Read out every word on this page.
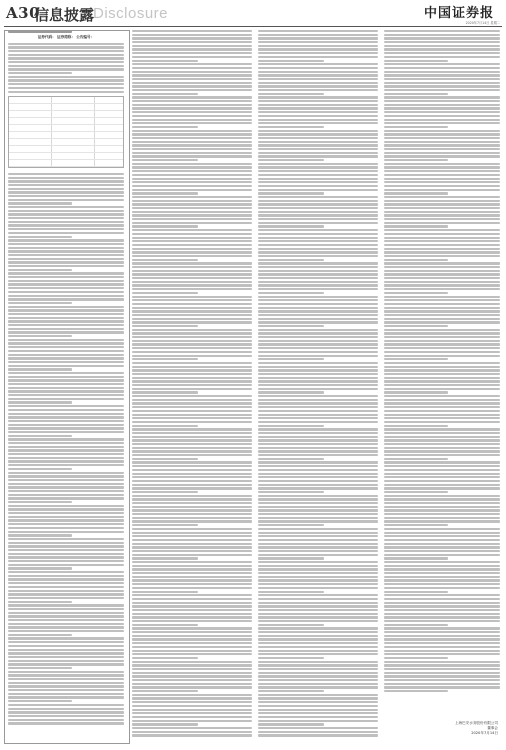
A30
信息披露
Disclosure	中国证券报
2020年7月14日 星期二
证券代码： 证券简称： 公告编号：
上海巴安水务股份有限公司
董事会
2020年7月14日
